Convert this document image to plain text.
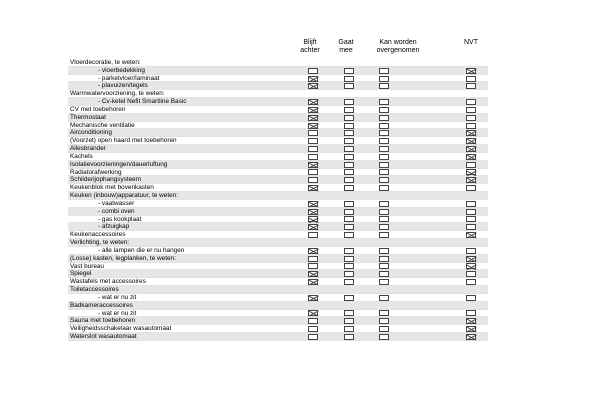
Blijft
achter
Gaat
mee
Kan worden
overgenomen
NVT
Vloerdecoratie, te weten:
- vloerbedekking
- parketvloer/laminaat
- plavuizen/tegels
Warmwatervoorziening, te weten:
- Cv-ketel Nefit Smartline Basic
CV met toebehoren
Thermostaat
Mechanische ventilatie
Airconditioning
(Voorzet) open haard met toebehoren
Allesbrander
Kachels
Isolatievoorzieningen/dauerluftung
Radiatorafwerking
Schilderijophangsysteem
Keukenblok met bovenkasten
Keuken (inbouw)apparatuur, te weten:
- vaatwasser
- combi oven
- gas kookplaat
- afzuigkap
Keukenaccessoires
Verlichting, te weten:
- alle lampen die er nu hangen
(Losse) kasten, legplanken, te weten:
Vast bureau
Spiegel
Wastafels met accessoires
Toiletaccessoires
- wat er nu zit
Badkameraccessoires
- wat er nu zit
Sauna met toebehoren
Veiligheidsschakelaar wasautomaat
Waterslot wasautomaat
